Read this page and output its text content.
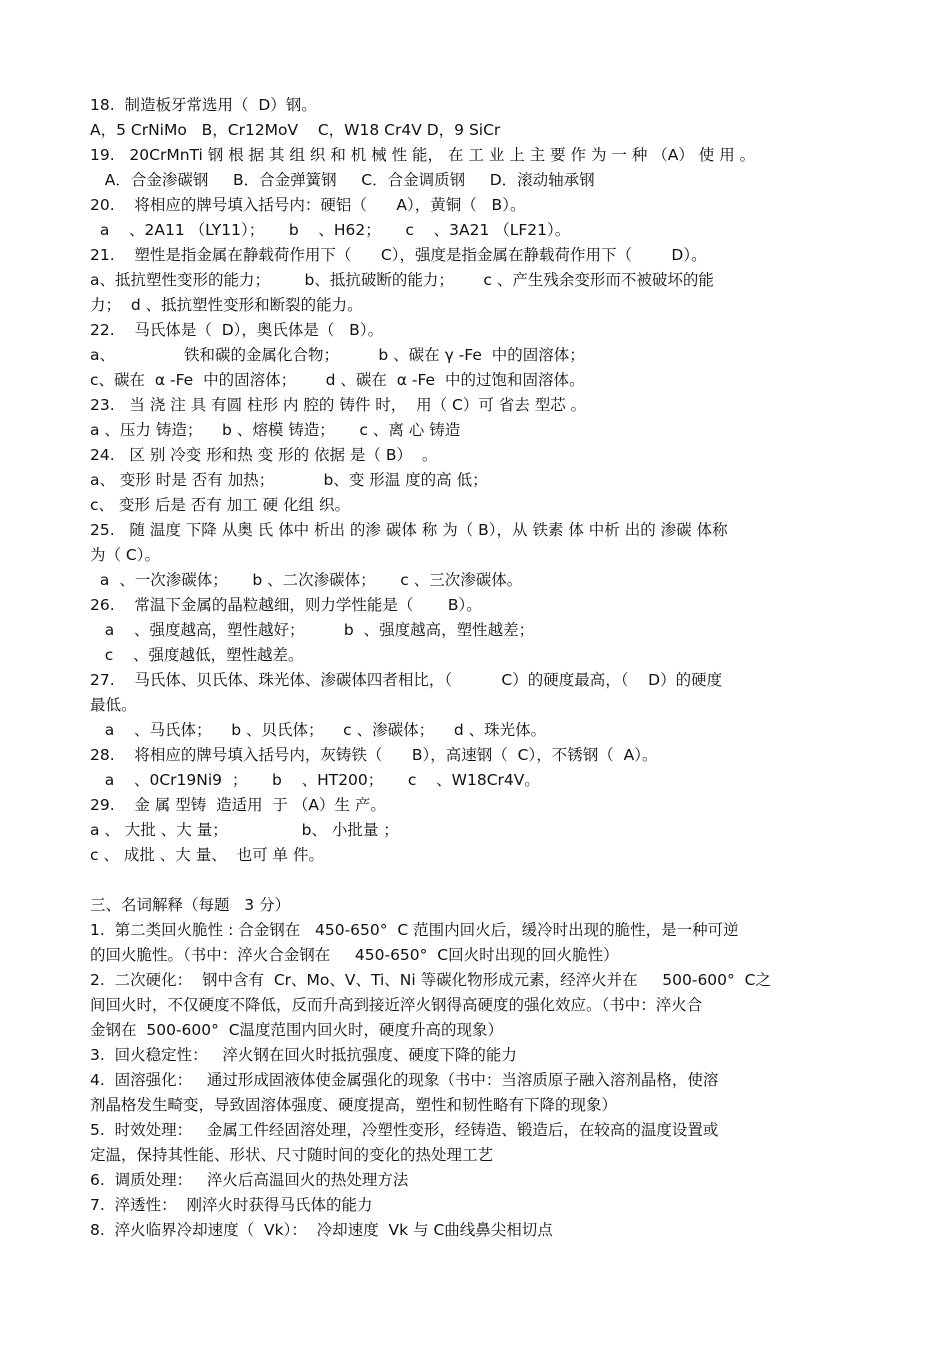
18.  制造板牙常选用（  D）钢。
A，5 CrNiMo   B，Cr12MoV    C，W18 Cr4V D，9 SiCr
19.   20CrMnTi 钢 根 据 其 组 织 和 机 械 性 能， 在 工 业 上 主 要 作 为 一 种 （A） 使 用 。
A．合金渗碳钢     B．合金弹簧钢     C．合金调质钢     D．滚动轴承钢
20.    将相应的牌号填入括号内：硬铝（      A），黄铜（   B）。
a    、2A11 （LY11）；     b    、H62；     c    、3A21 （LF21）。
21.    塑性是指金属在静载荷作用下（      C），强度是指金属在静载荷作用下（        D）。
a、抵抗塑性变形的能力；       b、抵抗破断的能力；      c 、产生残余变形而不被破坏的能
力；  d 、抵抗塑性变形和断裂的能力。
22.    马氏体是（  D），奥氏体是（   B）。
a、              铁和碳的金属化合物；        b 、碳在 γ -Fe  中的固溶体；
c、碳在  α -Fe  中的固溶体；      d 、碳在  α -Fe  中的过饱和固溶体。
23.   当 浇 注 具 有圆 柱形 内 腔的 铸件 时，  用（ C）可 省去 型芯 。
a 、压力 铸造；    b 、熔模 铸造；     c 、离 心 铸造
24.   区 别 冷变 形和热 变 形的 依据 是（ B）  。
a、 变形 时是 否有 加热；          b、变 形温 度的高 低；
c、 变形 后是 否有 加工 硬 化组 织。
25.   随 温度 下降 从奥 氏 体中 析出 的渗 碳体 称 为（ B），从 铁素 体 中析 出的 渗碳 体称
为（ C）。
a  、一次渗碳体；     b 、二次渗碳体；     c 、三次渗碳体。
26.    常温下金属的晶粒越细，则力学性能是（       B）。
a    、强度越高，塑性越好；        b  、强度越高，塑性越差；
c    、强度越低，塑性越差。
27.    马氏体、贝氏体、珠光体、渗碳体四者相比，（          C）的硬度最高，（    D）的硬度
最低。
a    、马氏体；    b 、贝氏体；    c 、渗碳体；    d 、珠光体。
28.    将相应的牌号填入括号内，灰铸铁（      B），高速钢（  C），不锈钢（  A）。
a    、0Cr19Ni9  ；     b    、HT200；     c    、W18Cr4V。
29.    金 属 型铸  造适用  于 （A）生 产。
a 、 大批 、大 量；               b、 小批量 ；
c 、 成批 、大 量、  也可 单 件。
三、名词解释（每题   3 分）
1.  第二类回火脆性 : 合金钢在   450-650°  C 范围内回火后，缓冷时出现的脆性，是一种可逆
的回火脆性。（书中：淬火合金钢在     450-650°  C回火时出现的回火脆性）
2.  二次硬化：  钢中含有  Cr、Mo、V、Ti、Ni 等碳化物形成元素，经淬火并在     500-600°  C之
间回火时，不仅硬度不降低，反而升高到接近淬火钢得高硬度的强化效应。（书中：淬火合
金钢在  500-600°  C温度范围内回火时，硬度升高的现象）
3.  回火稳定性：   淬火钢在回火时抵抗强度、硬度下降的能力
4.  固溶强化：   通过形成固液体使金属强化的现象（书中：当溶质原子融入溶剂晶格，使溶
剂晶格发生畸变，导致固溶体强度、硬度提高，塑性和韧性略有下降的现象）
5.  时效处理：   金属工件经固溶处理，冷塑性变形，经铸造、锻造后，在较高的温度设置或
定温，保持其性能、形状、尺寸随时间的变化的热处理工艺
6.  调质处理：   淬火后高温回火的热处理方法
7.  淬透性：  刚淬火时获得马氏体的能力
8.  淬火临界冷却速度（  Vk）：  冷却速度  Vk 与 C曲线鼻尖相切点
